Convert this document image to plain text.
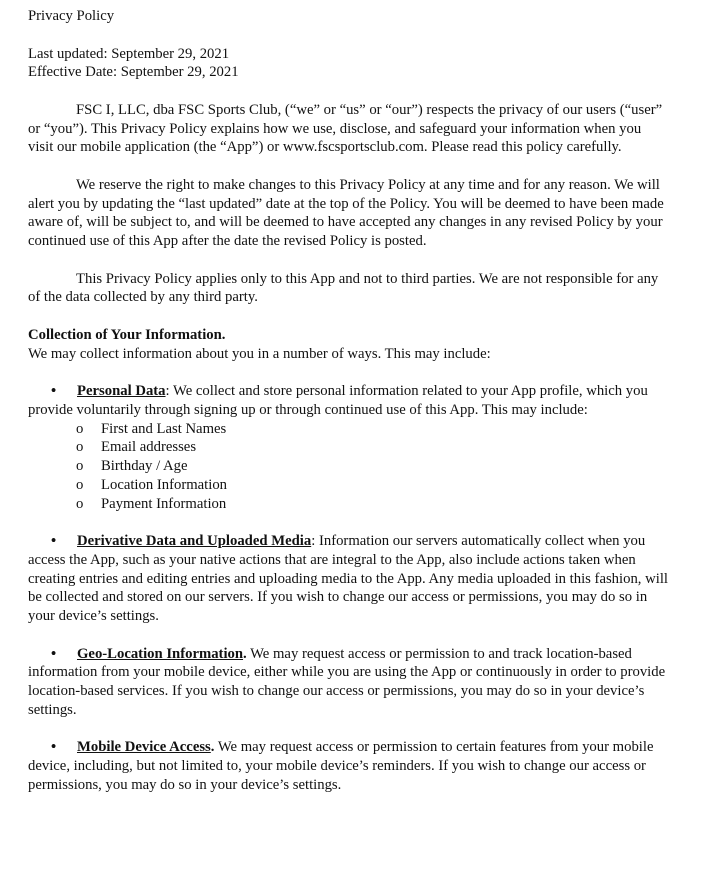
Privacy Policy

Last updated: September 29, 2021

Effective Date: September 29, 2021

FSC I, LLC, dba FSC Sports Club, (“we” or “us” or “our”) respects the privacy of our users (“user” or “you”). This Privacy Policy explains how we use, disclose, and safeguard your information when you visit our mobile application (the “App”) or www.fscsportsclub.com. Please read this policy carefully.

We reserve the right to make changes to this Privacy Policy at any time and for any reason. We will alert you by updating the “last updated” date at the top of the Policy. You will be deemed to have been made aware of, will be subject to, and will be deemed to have accepted any changes in any revised Policy by your continued use of this App after the date the revised Policy is posted.

This Privacy Policy applies only to this App and not to third parties. We are not responsible for any of the data collected by any third party.

Collection of Your Information.

We may collect information about you in a number of ways. This may include:

•	Personal Data: We collect and store personal information related to your App profile, which you provide voluntarily through signing up or through continued use of this App. This may include:

o First and Last Names
o Email addresses
o Birthday / Age
o Location Information
o Payment Information
•	Derivative Data and Uploaded Media: Information our servers automatically collect when you access the App, such as your native actions that are integral to the App, also include actions taken when creating entries and editing entries and uploading media to the App. Any media uploaded in this fashion, will be collected and stored on our servers. If you wish to change our access or permissions, you may do so in your device’s settings.

•	Geo-Location Information. We may request access or permission to and track location-based information from your mobile device, either while you are using the App or continuously in order to provide location-based services. If you wish to change our access or permissions, you may do so in your device’s settings.

•	Mobile Device Access. We may request access or permission to certain features from your mobile device, including, but not limited to, your mobile device’s reminders. If you wish to change our access or permissions, you may do so in your device’s settings.
